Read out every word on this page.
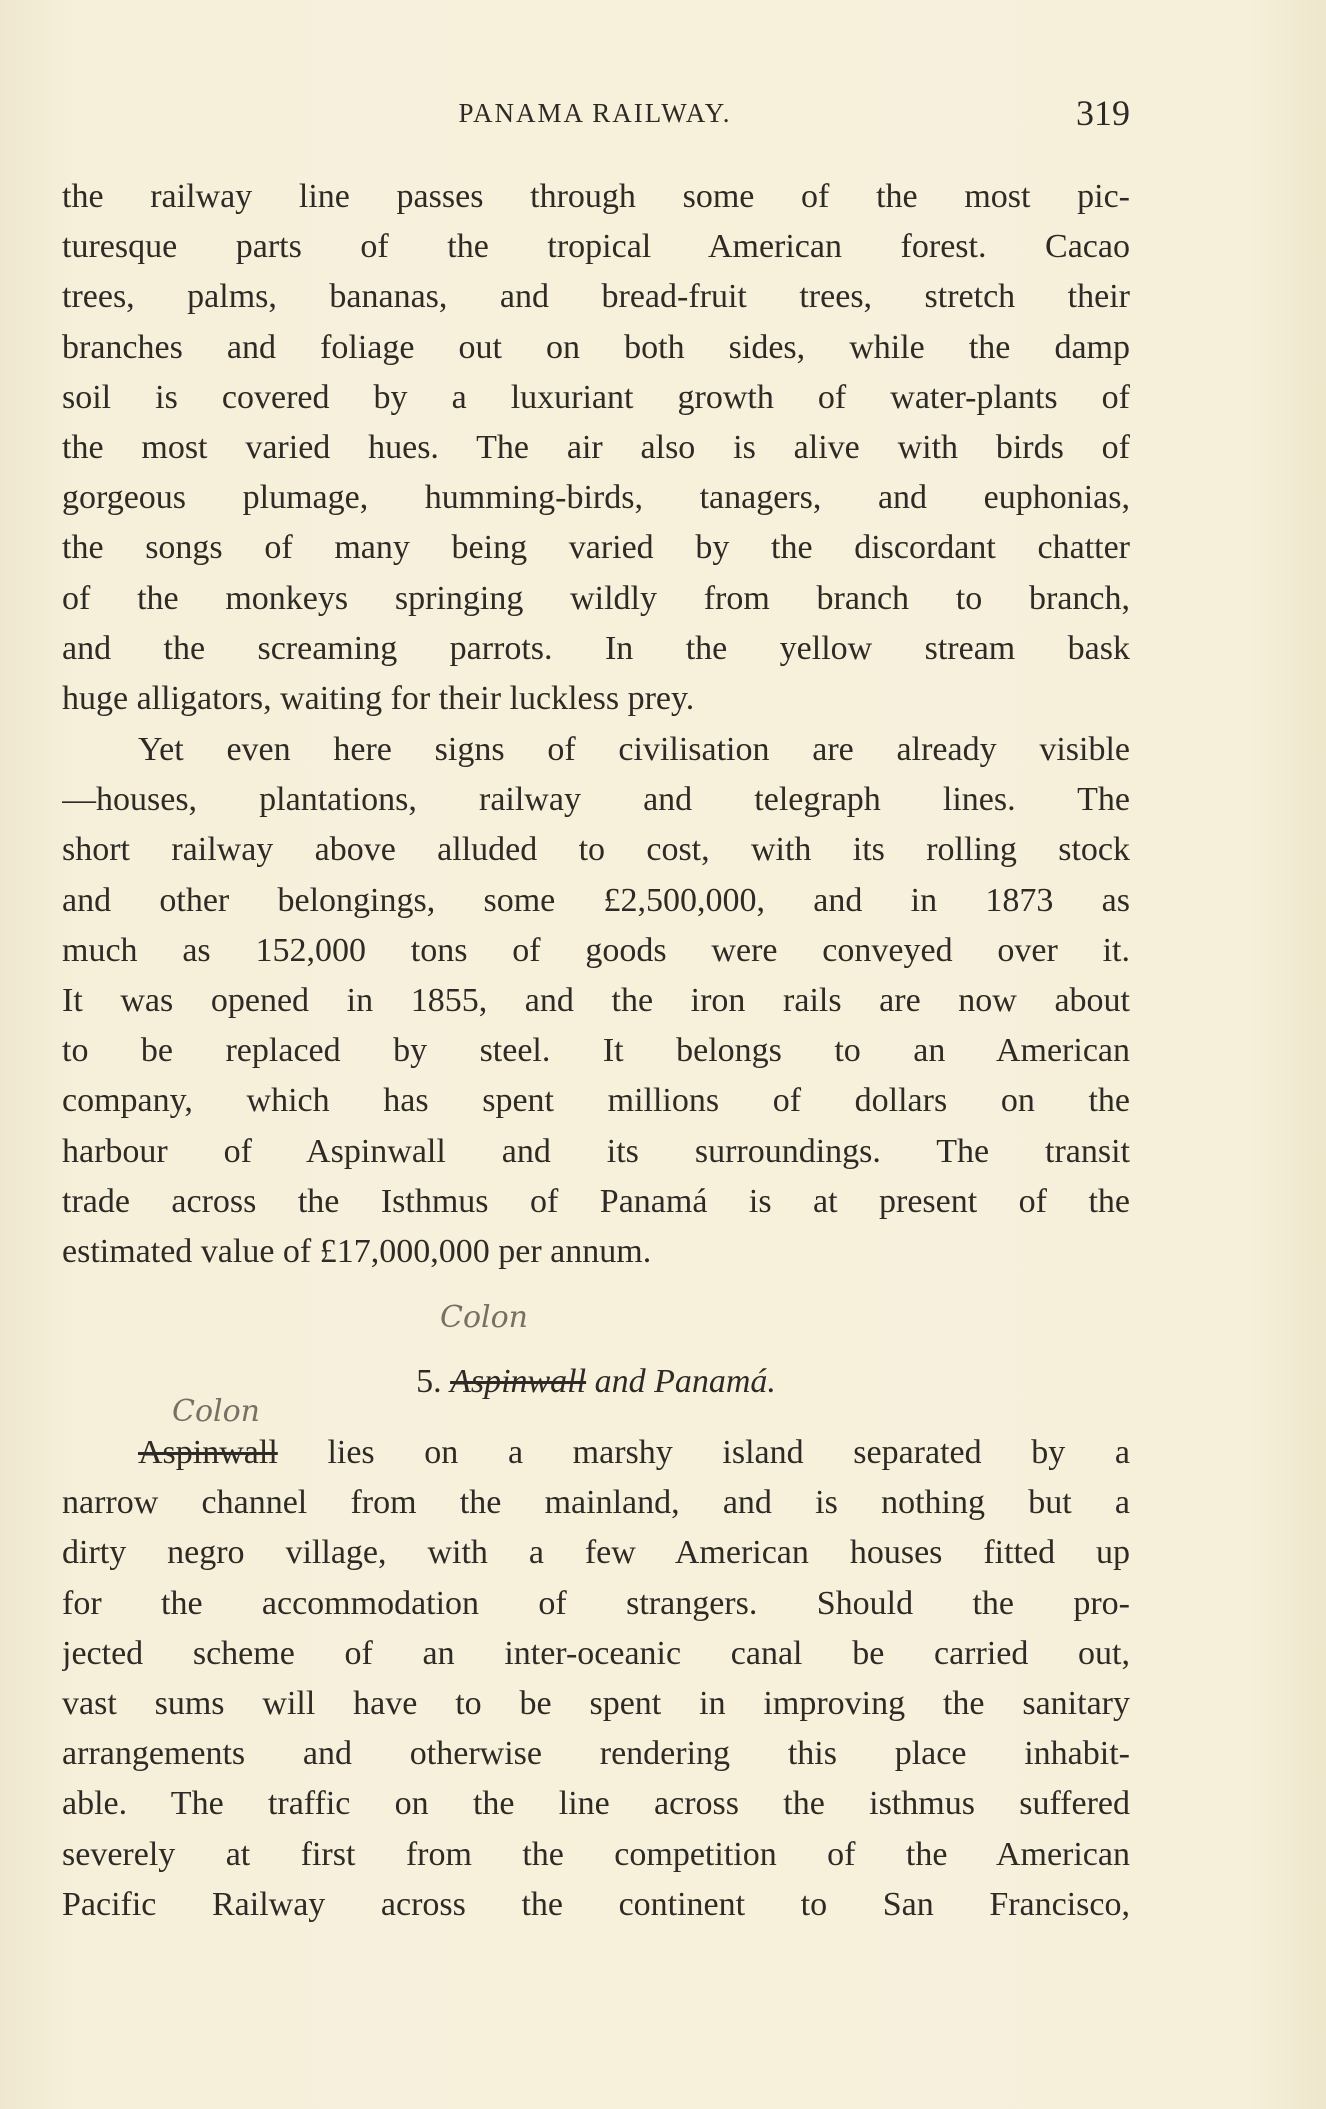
PANAMA RAILWAY.	319
the railway line passes through some of the most pic-
turesque parts of the tropical American forest. Cacao
trees, palms, bananas, and bread-fruit trees, stretch their
branches and foliage out on both sides, while the damp
soil is covered by a luxuriant growth of water-plants of
the most varied hues. The air also is alive with birds of
gorgeous plumage, humming-birds, tanagers, and euphonias,
the songs of many being varied by the discordant chatter
of the monkeys springing wildly from branch to branch,
and the screaming parrots. In the yellow stream bask
huge alligators, waiting for their luckless prey.
Yet even here signs of civilisation are already visible
—houses, plantations, railway and telegraph lines. The
short railway above alluded to cost, with its rolling stock
and other belongings, some £2,500,000, and in 1873 as
much as 152,000 tons of goods were conveyed over it.
It was opened in 1855, and the iron rails are now about
to be replaced by steel. It belongs to an American
company, which has spent millions of dollars on the
harbour of Aspinwall and its surroundings. The transit
trade across the Isthmus of Panamá is at present of the
estimated value of £17,000,000 per annum.
Colon
5. Aspinwall and Panamá.
Colon
Aspinwall lies on a marshy island separated by a
narrow channel from the mainland, and is nothing but a
dirty negro village, with a few American houses fitted up
for the accommodation of strangers. Should the pro-
jected scheme of an inter-oceanic canal be carried out,
vast sums will have to be spent in improving the sanitary
arrangements and otherwise rendering this place inhabit-
able. The traffic on the line across the isthmus suffered
severely at first from the competition of the American
Pacific Railway across the continent to San Francisco,
